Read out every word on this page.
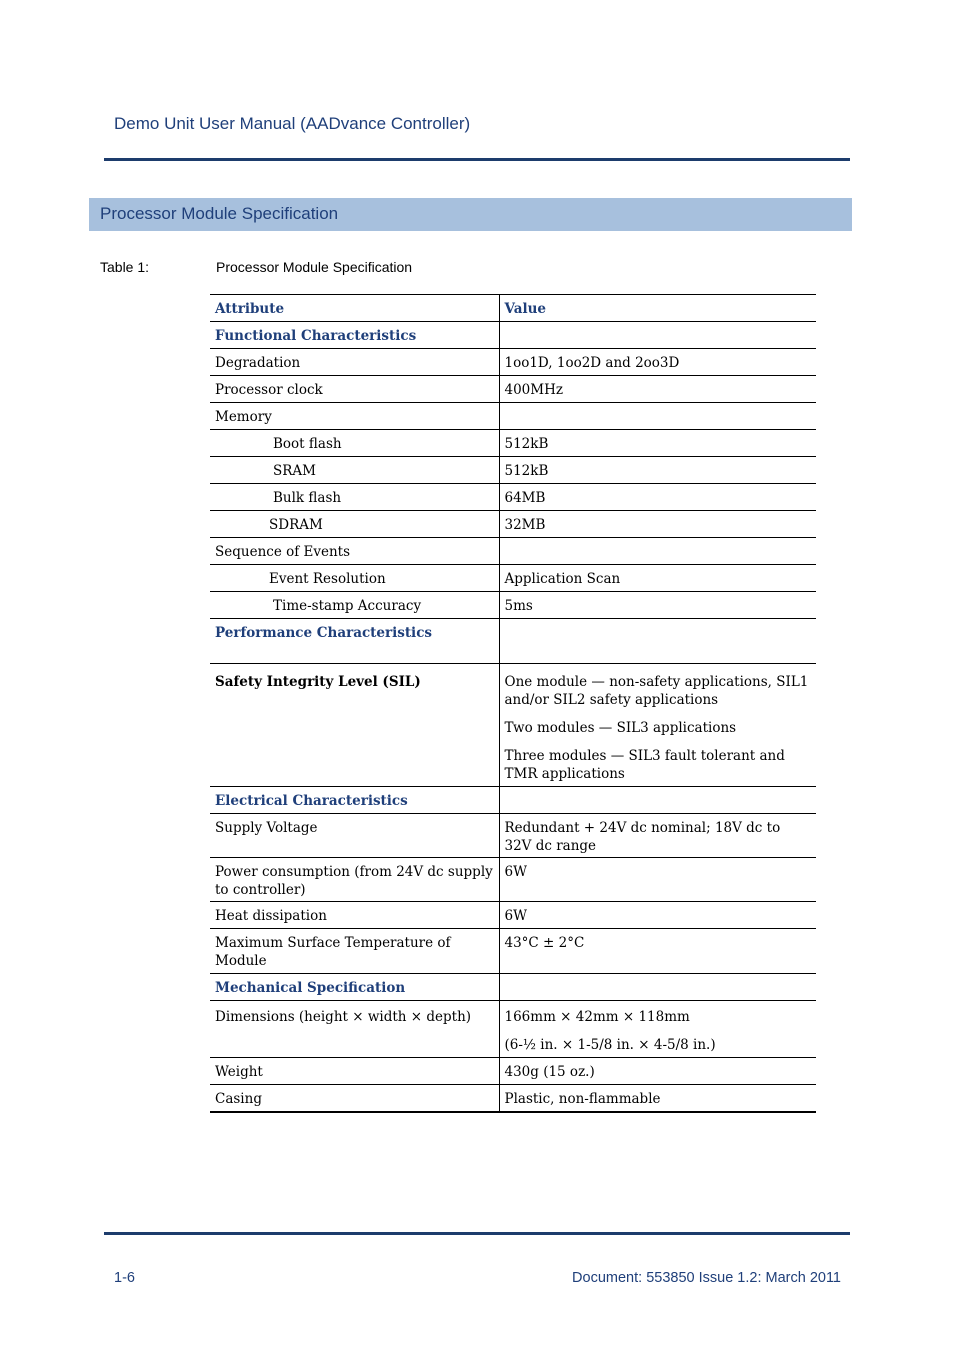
Demo Unit User Manual (AADvance Controller)
Processor Module Specification
Table 1:	Processor Module Specification
Attribute	Value
Functional Characteristics	
Degradation	1oo1D, 1oo2D and 2oo3D
Processor clock	400MHz
Memory	
Boot flash	512kB
SRAM	512kB
Bulk flash	64MB
SDRAM	32MB
Sequence of Events	
Event Resolution	Application Scan
Time-stamp Accuracy	5ms
Performance Characteristics	
Safety Integrity Level (SIL)	One module — non-safety applications, SIL1 and/or SIL2 safety applications

Two modules — SIL3 applications

Three modules — SIL3 fault tolerant and TMR applications

Electrical Characteristics	
Supply Voltage	Redundant + 24V dc nominal; 18V dc to 32V dc range
Power consumption (from 24V dc supply to controller)	6W
Heat dissipation	6W
Maximum Surface Temperature of Module	43°C ± 2°C
Mechanical Specification	
Dimensions (height × width × depth)	166mm × 42mm × 118mm

(6-½ in. × 1-5/8 in. × 4-5/8 in.)

Weight	430g (15 oz.)
Casing	Plastic, non-flammable
1-6	Document: 553850 Issue 1.2: March 2011
